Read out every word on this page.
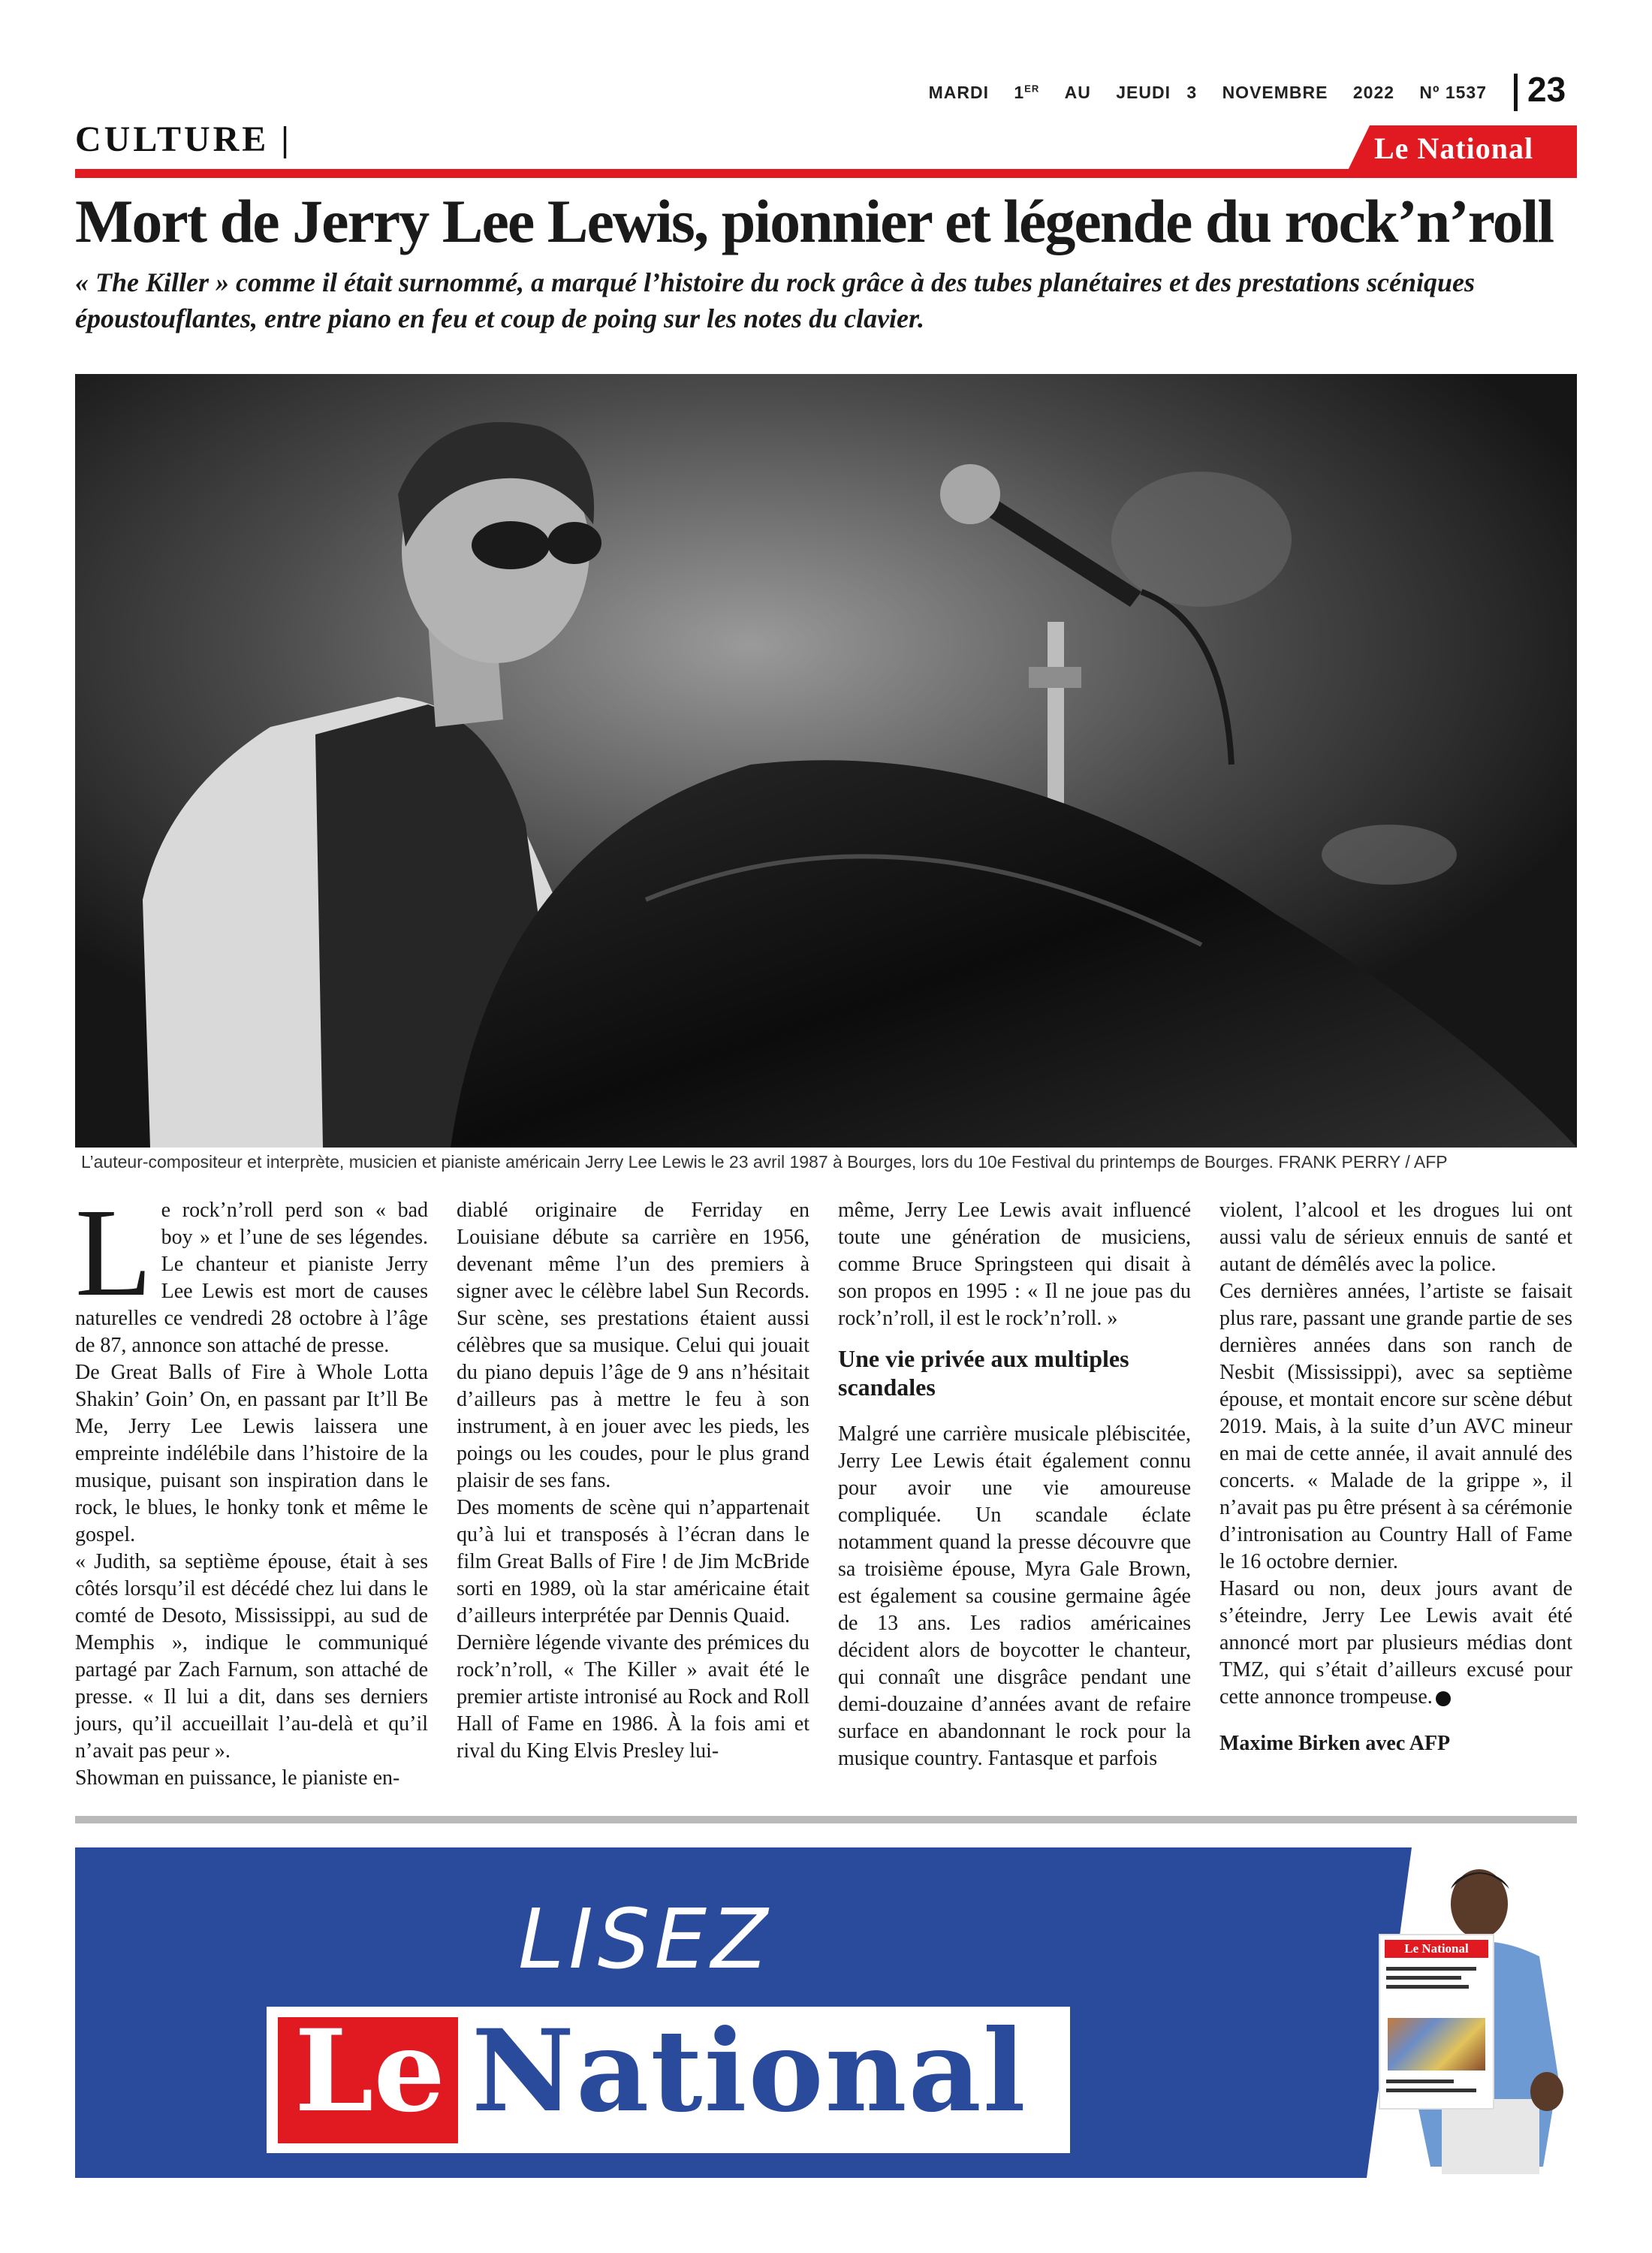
MARDI 1ER AU JEUDI 3 NOVEMBRE 2022 Nº 1537 23
CULTURE |	Le National
Mort de Jerry Lee Lewis, pionnier et légende du rock’n’roll
« The Killer » comme il était surnommé, a marqué l’histoire du rock grâce à des tubes planétaires et des prestations scéniques époustouflantes, entre piano en feu et coup de poing sur les notes du clavier.
L’auteur-compositeur et interprète, musicien et pianiste américain Jerry Lee Lewis le 23 avril 1987 à Bourges, lors du 10e Festival du printemps de Bourges. FRANK PERRY / AFP

Le rock’n’roll perd son « bad boy » et l’une de ses légendes. Le chanteur et pianiste Jerry Lee Lewis est mort de causes naturelles ce vendredi 28 octobre à l’âge de 87, annonce son attaché de presse.

De Great Balls of Fire à Whole Lotta Shakin’ Goin’ On, en passant par It’ll Be Me, Jerry Lee Lewis laissera une empreinte indélébile dans l’histoire de la musique, puisant son inspiration dans le rock, le blues, le honky tonk et même le gospel.

« Judith, sa septième épouse, était à ses côtés lorsqu’il est décédé chez lui dans le comté de Desoto, Mississippi, au sud de Memphis », indique le communiqué partagé par Zach Farnum, son attaché de presse. « Il lui a dit, dans ses derniers jours, qu’il accueillait l’au-delà et qu’il n’avait pas peur ».

Showman en puissance, le pianiste en-

diablé originaire de Ferriday en Louisiane débute sa carrière en 1956, devenant même l’un des premiers à signer avec le célèbre label Sun Records. Sur scène, ses prestations étaient aussi célèbres que sa musique. Celui qui jouait du piano depuis l’âge de 9 ans n’hésitait d’ailleurs pas à mettre le feu à son instrument, à en jouer avec les pieds, les poings ou les coudes, pour le plus grand plaisir de ses fans.

Des moments de scène qui n’appartenait qu’à lui et transposés à l’écran dans le film Great Balls of Fire ! de Jim McBride sorti en 1989, où la star américaine était d’ailleurs interprétée par Dennis Quaid.

Dernière légende vivante des prémices du rock’n’roll, « The Killer » avait été le premier artiste intronisé au Rock and Roll Hall of Fame en 1986. À la fois ami et rival du King Elvis Presley lui-

même, Jerry Lee Lewis avait influencé toute une génération de musiciens, comme Bruce Springsteen qui disait à son propos en 1995 : « Il ne joue pas du rock’n’roll, il est le rock’n’roll. »

Une vie privée aux multiples scandales

Malgré une carrière musicale plébiscitée, Jerry Lee Lewis était également connu pour avoir une vie amoureuse compliquée. Un scandale éclate notamment quand la presse découvre que sa troisième épouse, Myra Gale Brown, est également sa cousine germaine âgée de 13 ans. Les radios américaines décident alors de boycotter le chanteur, qui connaît une disgrâce pendant une demi-douzaine d’années avant de refaire surface en abandonnant le rock pour la musique country. Fantasque et parfois

violent, l’alcool et les drogues lui ont aussi valu de sérieux ennuis de santé et autant de démêlés avec la police.

Ces dernières années, l’artiste se faisait plus rare, passant une grande partie de ses dernières années dans son ranch de Nesbit (Mississippi), avec sa septième épouse, et montait encore sur scène début 2019. Mais, à la suite d’un AVC mineur en mai de cette année, il avait annulé des concerts. « Malade de la grippe », il n’avait pas pu être présent à sa cérémonie d’intronisation au Country Hall of Fame le 16 octobre dernier.

Hasard ou non, deux jours avant de s’éteindre, Jerry Lee Lewis avait été annoncé mort par plusieurs médias dont TMZ, qui s’était d’ailleurs excusé pour cette annonce trompeuse.

Maxime Birken avec AFP
LISEZ
Le National
Le National
